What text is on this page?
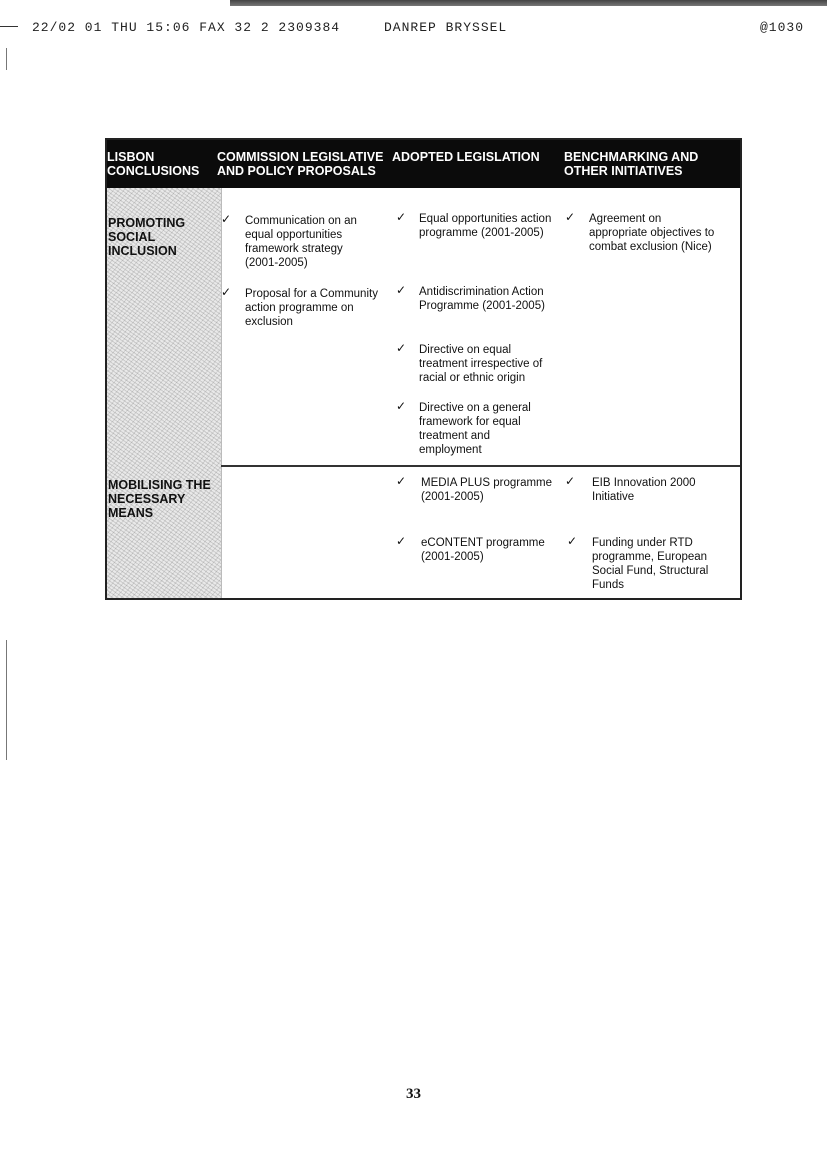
22/02 01 THU 15:06 FAX 32 2 2309384	DANREP BRYSSEL	@1030
LISBON
CONCLUSIONS
COMMISSION LEGISLATIVE
AND POLICY PROPOSALS
ADOPTED LEGISLATION BENCHMARKING AND
OTHER INITIATIVES
PROMOTING
SOCIAL
INCLUSION
MOBILISING THE
NECESSARY
MEANS
✓ Communication on an
equal opportunities
framework strategy
(2001-2005)
✓ Proposal for a Community
action programme on
exclusion
✓ Equal opportunities action
programme (2001-2005)
✓ Antidiscrimination Action
Programme (2001-2005)
✓ Directive on equal
treatment irrespective of
racial or ethnic origin
✓ Directive on a general
framework for equal
treatment and
employment
✓ Agreement on
appropriate objectives to
combat exclusion (Nice)
✓ MEDIA PLUS programme
(2001-2005)
✓ eCONTENT programme
(2001-2005)
✓ EIB Innovation 2000
Initiative
✓ Funding under RTD
programme, European
Social Fund, Structural
Funds
33
